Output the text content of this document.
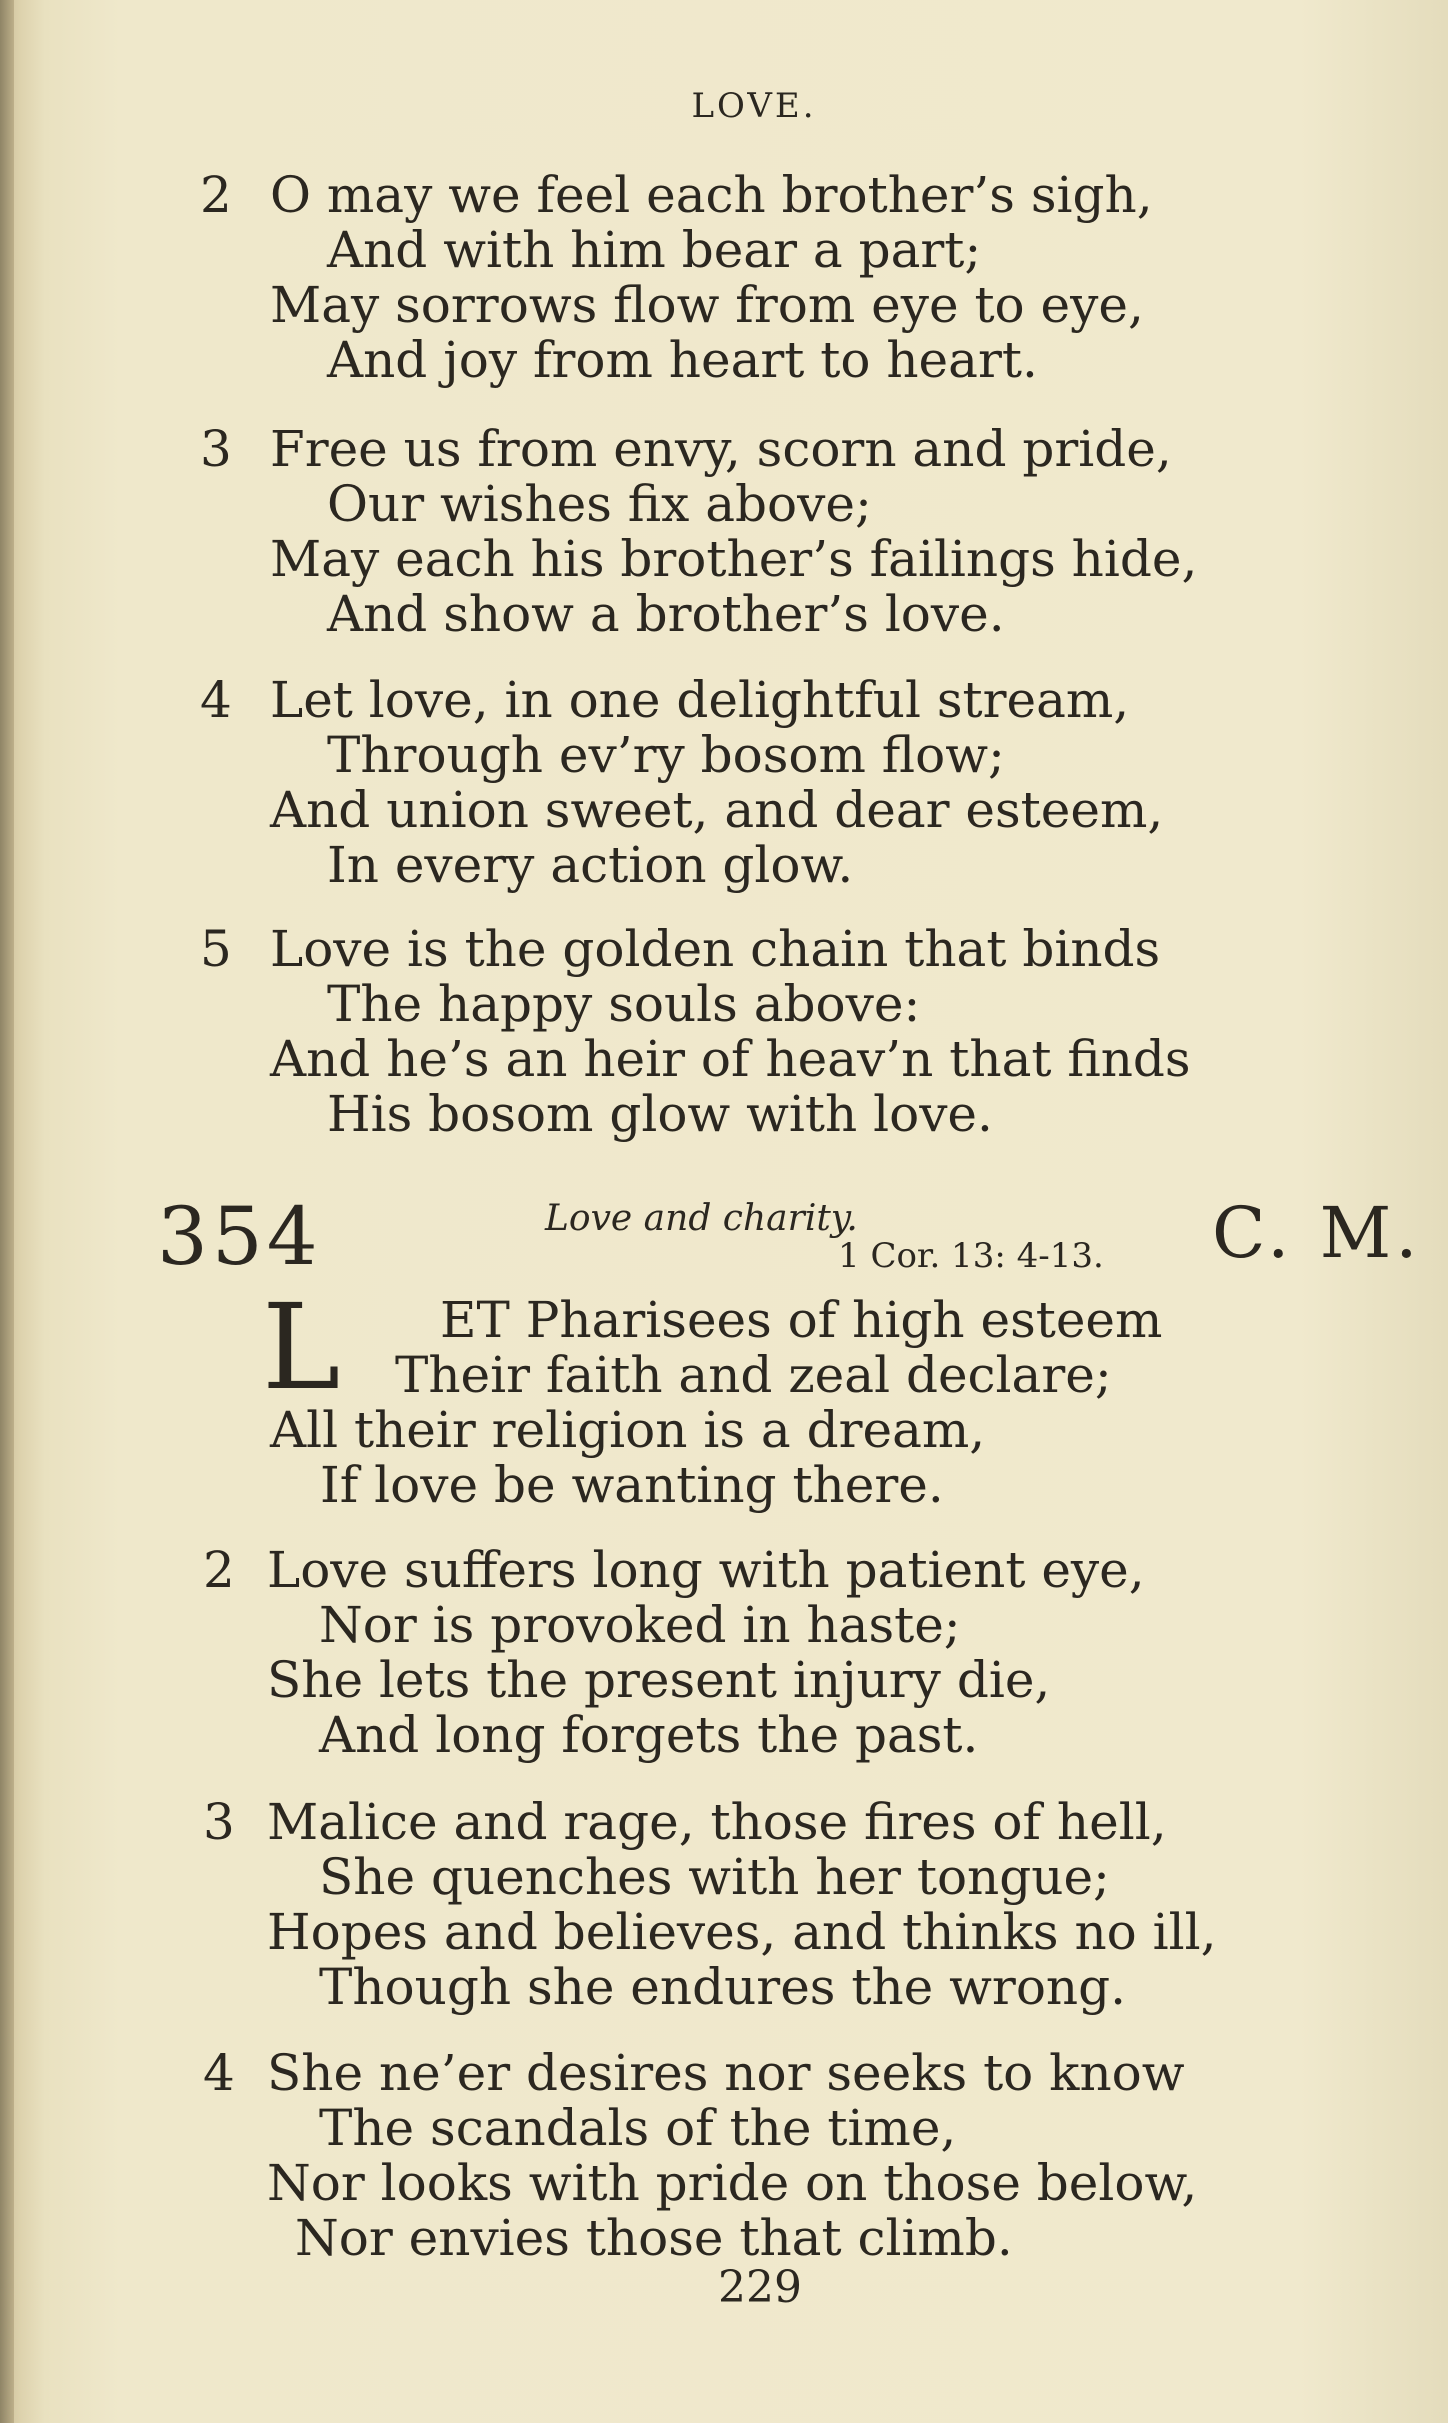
LOVE.
2 O may we feel each brother’s sigh,
And with him bear a part;
May sorrows flow from eye to eye,
And joy from heart to heart.
3 Free us from envy, scorn and pride,
Our wishes fix above;
May each his brother’s failings hide,
And show a brother’s love.
4 Let love, in one delightful stream,
Through ev’ry bosom flow;
And union sweet, and dear esteem,
In every action glow.
5 Love is the golden chain that binds
The happy souls above:
And he’s an heir of heav’n that finds
His bosom glow with love.
354	Love and charity.
1 Cor. 13: 4-13. C. M.
L	ET Pharisees of high esteem
Their faith and zeal declare;
All their religion is a dream,
If love be wanting there.
2 Love suffers long with patient eye,
Nor is provoked in haste;
She lets the present injury die,
And long forgets the past.
3 Malice and rage, those fires of hell,
She quenches with her tongue;
Hopes and believes, and thinks no ill,
Though she endures the wrong.
4 She ne’er desires nor seeks to know
The scandals of the time,
Nor looks with pride on those below,
Nor envies those that climb.
229
